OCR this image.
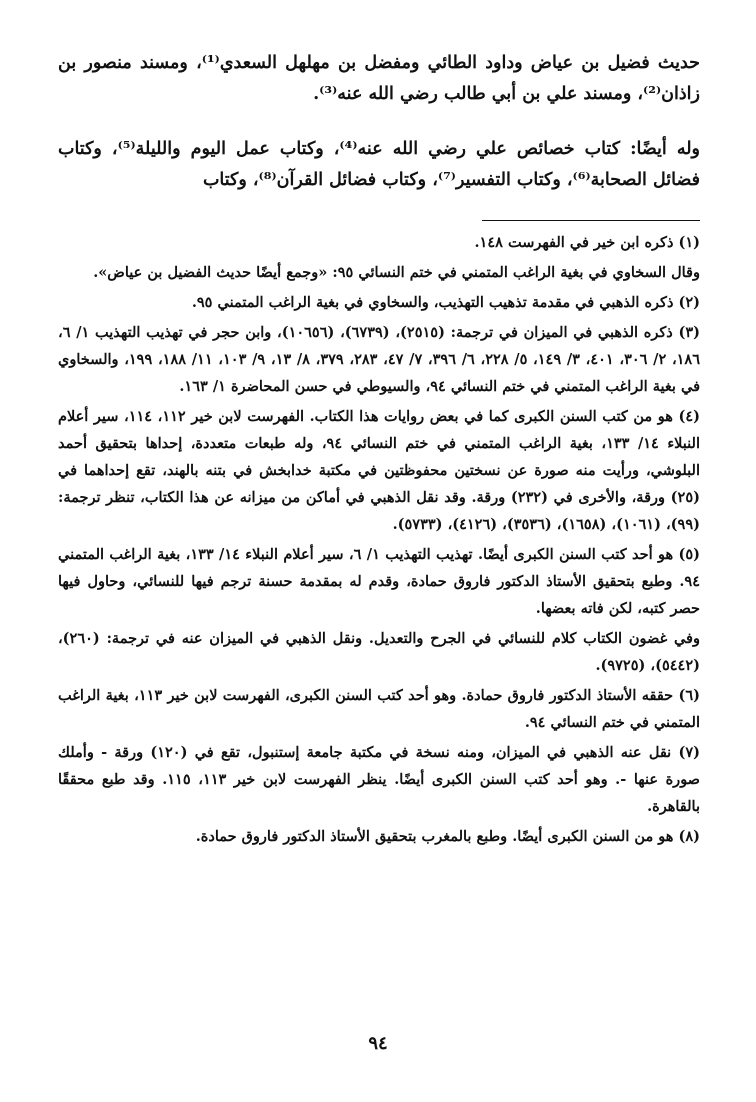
حديث فضيل بن عياض وداود الطائي ومفضل بن مهلهل السعدي⁽¹⁾، ومسند منصور بن زاذان⁽²⁾، ومسند علي بن أبي طالب رضي الله عنه⁽³⁾.

وله أيضًا: كتاب خصائص علي رضي الله عنه⁽⁴⁾، وكتاب عمل اليوم والليلة⁽⁵⁾، وكتاب فضائل الصحابة⁽⁶⁾، وكتاب التفسير⁽⁷⁾، وكتاب فضائل القرآن⁽⁸⁾، وكتاب

(١) ذكره ابن خير في الفهرست ١٤٨.

وقال السخاوي في بغية الراغب المتمني في ختم النسائي ٩٥: «وجمع أيضًا حديث الفضيل بن عياض».

(٢) ذكره الذهبي في مقدمة تذهيب التهذيب، والسخاوي في بغية الراغب المتمني ٩٥.

(٣) ذكره الذهبي في الميزان في ترجمة: (٢٥١٥)، (٦٧٣٩)، (١٠٦٥٦)، وابن حجر في تهذيب التهذيب ١/ ٦، ١٨٦، ٢/ ٣٠٦، ٤٠١، ٣/ ١٤٩، ٥/ ٢٢٨، ٦/ ٣٩٦، ٧/ ٤٧، ٢٨٣، ٣٧٩، ٨/ ١٣، ٩/ ١٠٣، ١١/ ١٨٨، ١٩٩، والسخاوي في بغية الراغب المتمني في ختم النسائي ٩٤، والسيوطي في حسن المحاضرة ١/ ١٦٣.

(٤) هو من كتب السنن الكبرى كما في بعض روايات هذا الكتاب. الفهرست لابن خير ١١٢، ١١٤، سير أعلام النبلاء ١٤/ ١٣٣، بغية الراغب المتمني في ختم النسائي ٩٤، وله طبعات متعددة، إحداها بتحقيق أحمد البلوشي، ورأيت منه صورة عن نسختين محفوظتين في مكتبة خدابخش في بتنه بالهند، تقع إحداهما في (٢٥) ورقة، والأخرى في (٢٣٢) ورقة. وقد نقل الذهبي في أماكن من ميزانه عن هذا الكتاب، تنظر ترجمة: (٩٩)، (١٠٦١)، (١٦٥٨)، (٣٥٣٦)، (٤١٢٦)، (٥٧٣٣).

(٥) هو أحد كتب السنن الكبرى أيضًا. تهذيب التهذيب ١/ ٦، سير أعلام النبلاء ١٤/ ١٣٣، بغية الراغب المتمني ٩٤. وطبع بتحقيق الأستاذ الدكتور فاروق حمادة، وقدم له بمقدمة حسنة ترجم فيها للنسائي، وحاول فيها حصر كتبه، لكن فاته بعضها.

وفي غضون الكتاب كلام للنسائي في الجرح والتعديل. ونقل الذهبي في الميزان عنه في ترجمة: (٢٦٠)، (٥٤٤٢)، (٩٧٢٥).

(٦) حققه الأستاذ الدكتور فاروق حمادة. وهو أحد كتب السنن الكبرى، الفهرست لابن خير ١١٣، بغية الراغب المتمني في ختم النسائي ٩٤.

(٧) نقل عنه الذهبي في الميزان، ومنه نسخة في مكتبة جامعة إستنبول، تقع في (١٢٠) ورقة - وأملك صورة عنها -. وهو أحد كتب السنن الكبرى أيضًا. ينظر الفهرست لابن خير ١١٣، ١١٥. وقد طبع محققًا بالقاهرة.

(٨) هو من السنن الكبرى أيضًا. وطبع بالمغرب بتحقيق الأستاذ الدكتور فاروق حمادة.

٩٤
